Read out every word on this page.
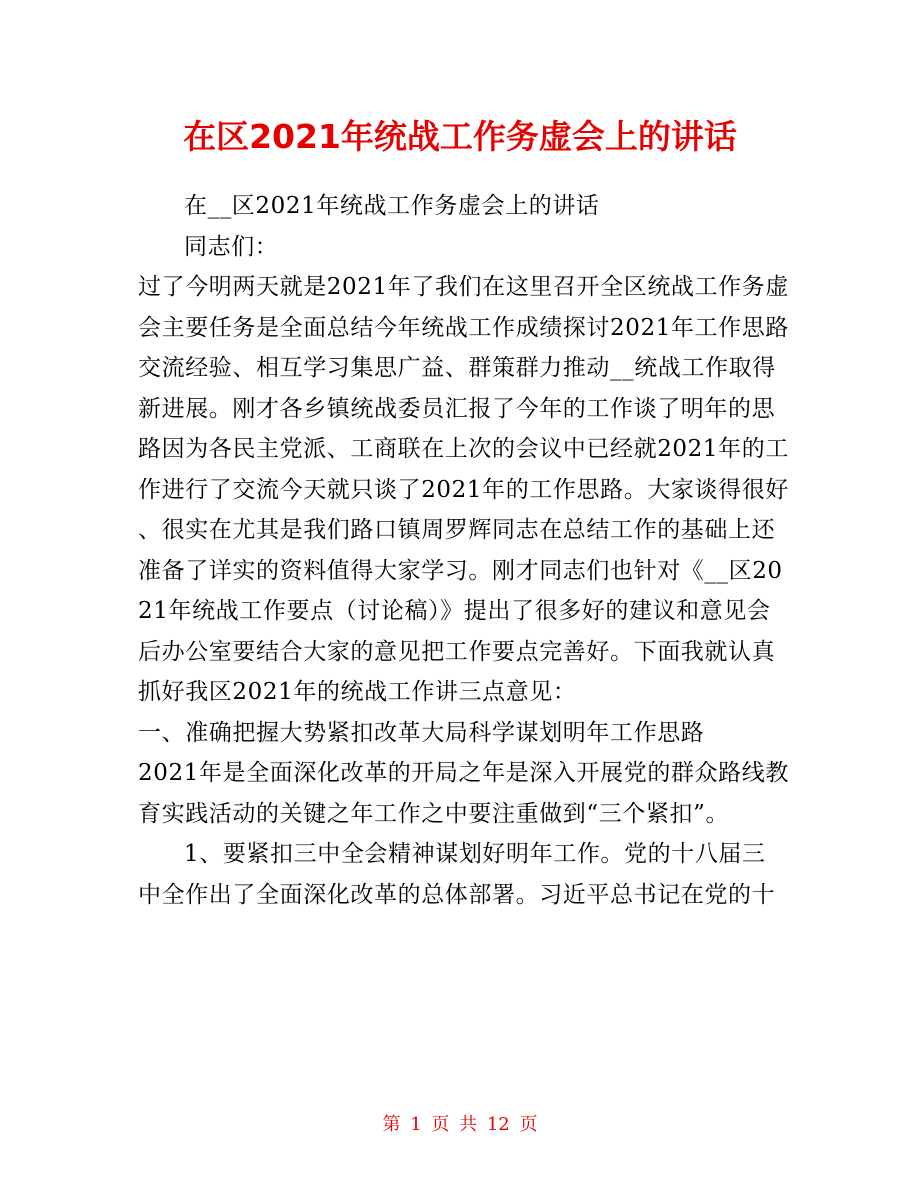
在区2021年统战工作务虚会上的讲话

在__区2021年统战工作务虚会上的讲话

同志们：

过了今明两天就是2021年了我们在这里召开全区统战工作务虚

会主要任务是全面总结今年统战工作成绩探讨2021年工作思路

交流经验、相互学习集思广益、群策群力推动__统战工作取得

新进展。刚才各乡镇统战委员汇报了今年的工作谈了明年的思

路因为各民主党派、工商联在上次的会议中已经就2021年的工

作进行了交流今天就只谈了2021年的工作思路。大家谈得很好

、很实在尤其是我们路口镇周罗辉同志在总结工作的基础上还

准备了详实的资料值得大家学习。刚才同志们也针对《__区20

21年统战工作要点（讨论稿）》提出了很多好的建议和意见会

后办公室要结合大家的意见把工作要点完善好。下面我就认真

抓好我区2021年的统战工作讲三点意见：

一、准确把握大势紧扣改革大局科学谋划明年工作思路

2021年是全面深化改革的开局之年是深入开展党的群众路线教

育实践活动的关键之年工作之中要注重做到“三个紧扣”。

1、要紧扣三中全会精神谋划好明年工作。党的十八届三

中全作出了全面深化改革的总体部署。习近平总书记在党的十

第 1 页 共 12 页
